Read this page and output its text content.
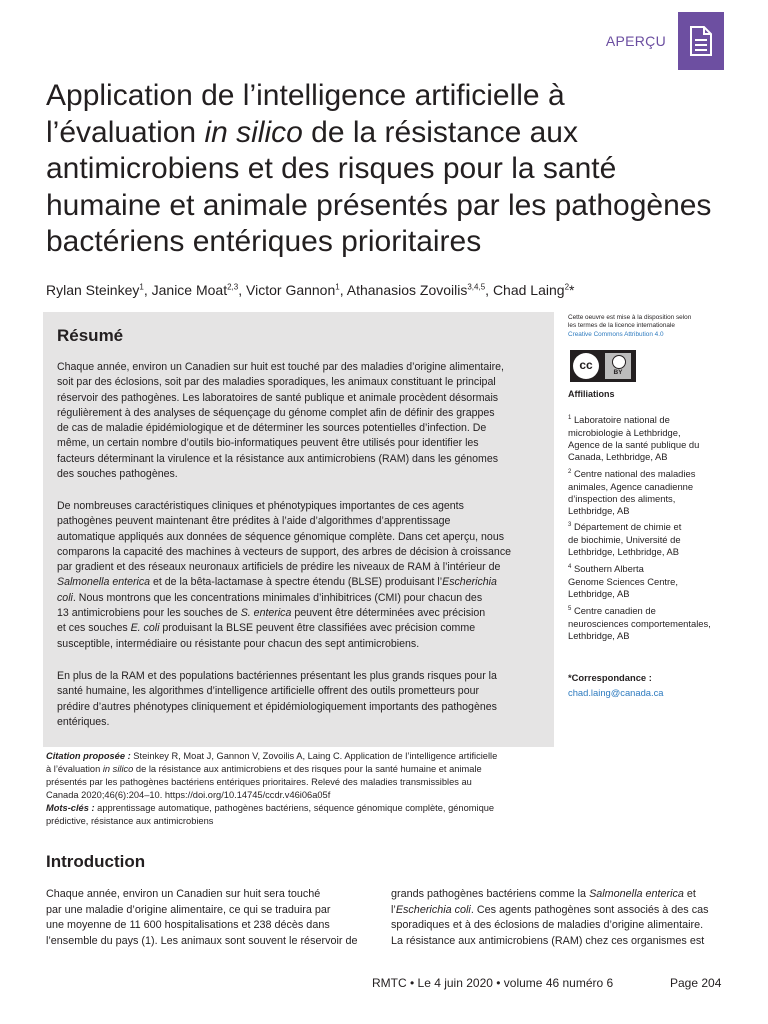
APERÇU
Application de l’intelligence artificielle à
l’évaluation in silico de la résistance aux
antimicrobiens et des risques pour la santé
humaine et animale présentés par les pathogènes
bactériens entériques prioritaires
Rylan Steinkey$^1$, Janice Moat$^{2,3}$, Victor Gannon$^1$, Athanasios Zovoilis$^{3,4,5}$, Chad Laing$^2$*
Résumé
Chaque année, environ un Canadien sur huit est touché par des maladies d’origine alimentaire,
soit par des éclosions, soit par des maladies sporadiques, les animaux constituant le principal
réservoir des pathogènes. Les laboratoires de santé publique et animale procèdent désormais
régulièrement à des analyses de séquençage du génome complet afin de définir des grappes
de cas de maladie épidémiologique et de déterminer les sources potentielles d’infection. De
même, un certain nombre d’outils bio-informatiques peuvent être utilisés pour identifier les
facteurs déterminant la virulence et la résistance aux antimicrobiens (RAM) dans les génomes
des souches pathogènes.
De nombreuses caractéristiques cliniques et phénotypiques importantes de ces agents
pathogènes peuvent maintenant être prédites à l’aide d’algorithmes d’apprentissage
automatique appliqués aux données de séquence génomique complète. Dans cet aperçu, nous
comparons la capacité des machines à vecteurs de support, des arbres de décision à croissance
par gradient et des réseaux neuronaux artificiels de prédire les niveaux de RAM à l’intérieur de
Salmonella enterica et de la bêta-lactamase à spectre étendu (BLSE) produisant l’Escherichia
coli. Nous montrons que les concentrations minimales d’inhibitrices (CMI) pour chacun des
13 antimicrobiens pour les souches de S. enterica peuvent être déterminées avec précision
et ces souches E. coli produisant la BLSE peuvent être classifiées avec précision comme
susceptible, intermédiaire ou résistante pour chacun des sept antimicrobiens.
En plus de la RAM et des populations bactériennes présentant les plus grands risques pour la
santé humaine, les algorithmes d’intelligence artificielle offrent des outils prometteurs pour
prédire d’autres phénotypes cliniquement et épidémiologiquement importants des pathogènes
entériques.
Cette oeuvre est mise à la disposition selon
les termes de la licence internationale
Creative Commons Attribution 4.0
cc
BY
Affiliations
$^1$ Laboratoire national de
microbiologie à Lethbridge,
Agence de la santé publique du
Canada, Lethbridge, AB
$^2$ Centre national des maladies
animales, Agence canadienne
d’inspection des aliments,
Lethbridge, AB
$^3$ Département de chimie et
de biochimie, Université de
Lethbridge, Lethbridge, AB
$^4$ Southern Alberta
Genome Sciences Centre,
Lethbridge, AB
$^5$ Centre canadien de
neurosciences comportementales,
Lethbridge, AB
*Correspondance :
chad.laing@canada.ca
Citation proposée : Steinkey R, Moat J, Gannon V, Zovoilis A, Laing C. Application de l’intelligence artificielle
à l’évaluation in silico de la résistance aux antimicrobiens et des risques pour la santé humaine et animale
présentés par les pathogènes bactériens entériques prioritaires. Relevé des maladies transmissibles au
Canada 2020;46(6):204–10. https://doi.org/10.14745/ccdr.v46i06a05f
Mots-clés : apprentissage automatique, pathogènes bactériens, séquence génomique complète, génomique
prédictive, résistance aux antimicrobiens
Introduction
Chaque année, environ un Canadien sur huit sera touché
par une maladie d’origine alimentaire, ce qui se traduira par
une moyenne de 11 600 hospitalisations et 238 décès dans
l’ensemble du pays (1). Les animaux sont souvent le réservoir de
grands pathogènes bactériens comme la Salmonella enterica et
l’Escherichia coli. Ces agents pathogènes sont associés à des cas
sporadiques et à des éclosions de maladies d’origine alimentaire.
La résistance aux antimicrobiens (RAM) chez ces organismes est
RMTC • Le 4 juin 2020 • volume 46 numéro 6	Page 204
